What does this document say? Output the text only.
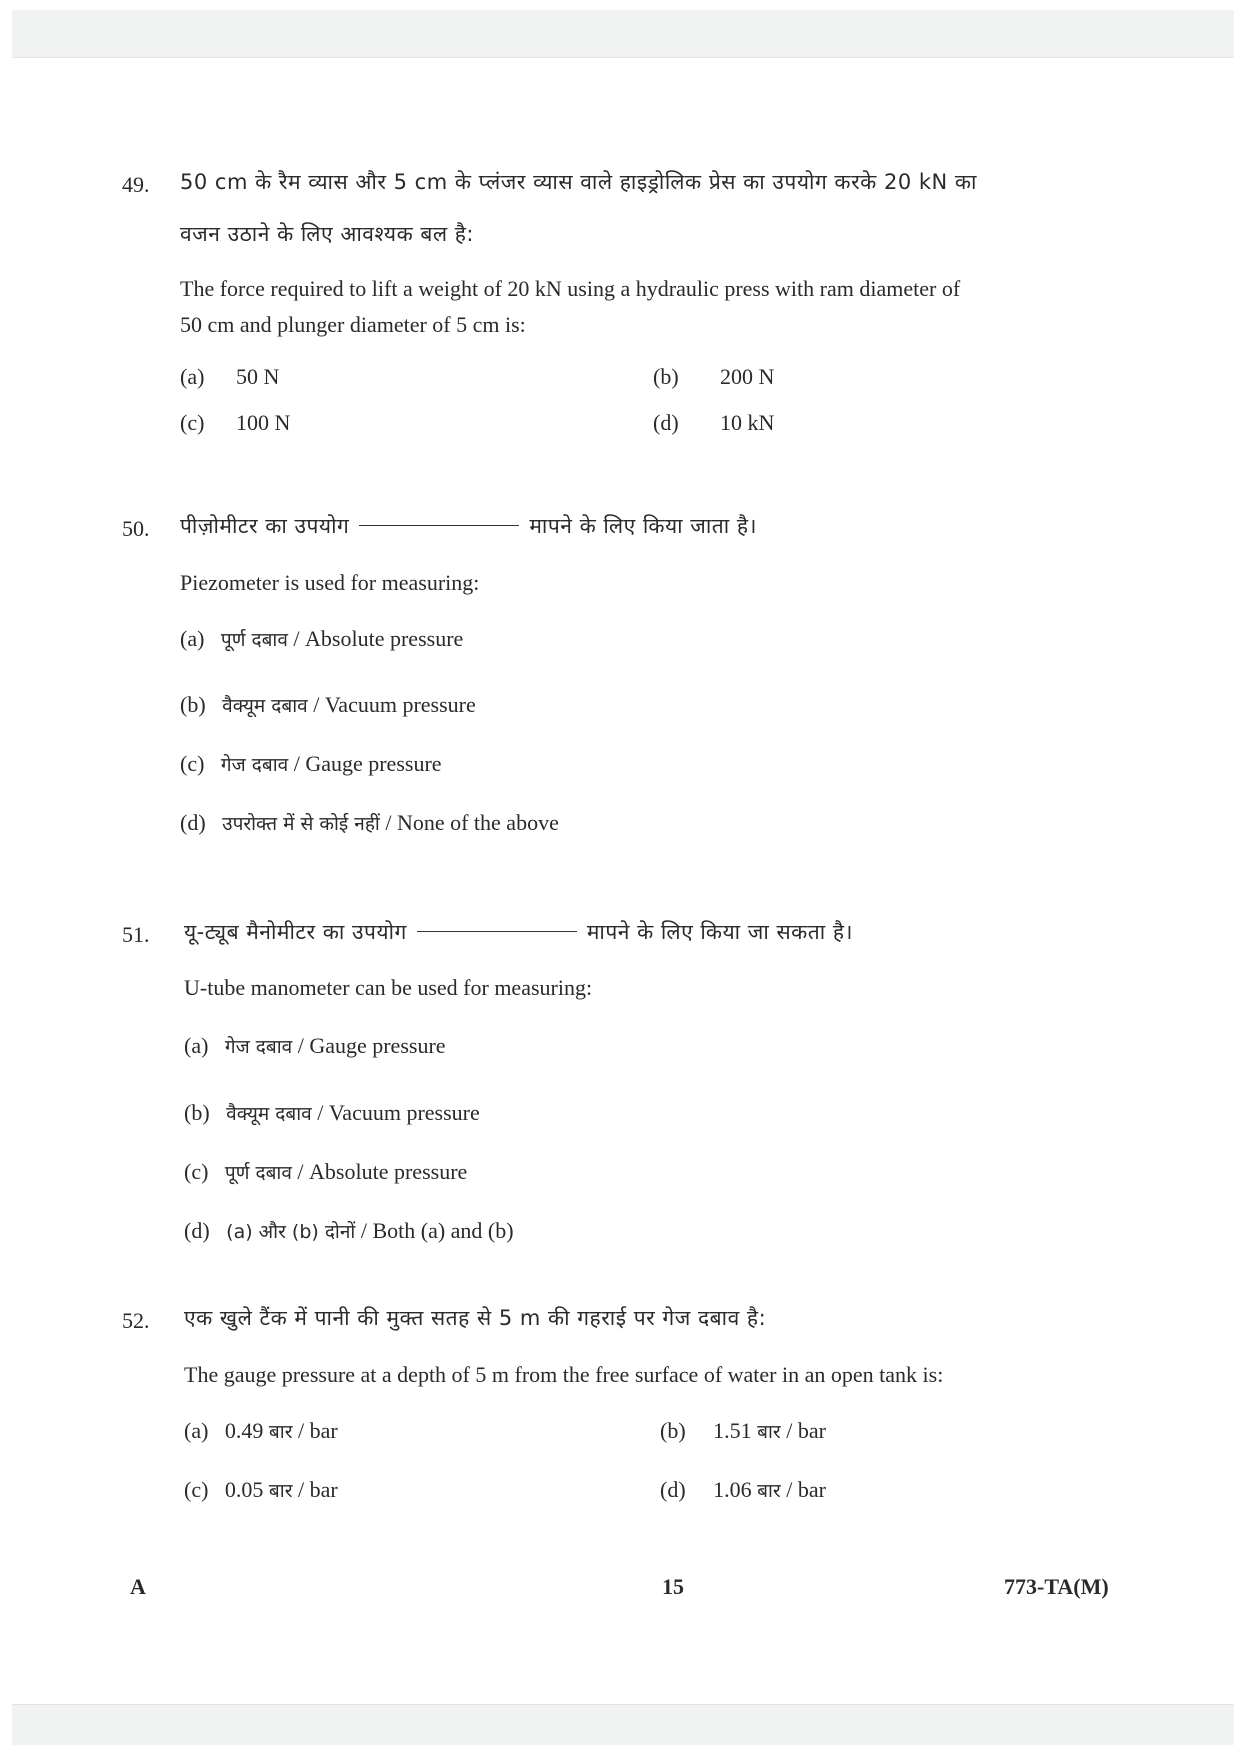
49. 50 cm के रैम व्यास और 5 cm के प्लंजर व्यास वाले हाइड्रोलिक प्रेस का उपयोग करके 20 kN का
वजन उठाने के लिए आवश्यक बल है:
The force required to lift a weight of 20 kN using a hydraulic press with ram diameter of
50 cm and plunger diameter of 5 cm is:
(a) 50 N	(b) 200 N
(c) 100 N	(d) 10 kN
50. पीज़ोमीटर का उपयोग	मापने के लिए किया जाता है।
Piezometer is used for measuring:
(a) पूर्ण दबाव / Absolute pressure
(b) वैक्यूम दबाव / Vacuum pressure
(c) गेज दबाव / Gauge pressure
(d) उपरोक्त में से कोई नहीं / None of the above
51. यू-ट्यूब मैनोमीटर का उपयोग	मापने के लिए किया जा सकता है।
U-tube manometer can be used for measuring:
(a) गेज दबाव / Gauge pressure
(b) वैक्यूम दबाव / Vacuum pressure
(c) पूर्ण दबाव / Absolute pressure
(d) (a) और (b) दोनों / Both (a) and (b)
52. एक खुले टैंक में पानी की मुक्त सतह से 5 m की गहराई पर गेज दबाव है:
The gauge pressure at a depth of 5 m from the free surface of water in an open tank is:
(a) 0.49 बार / bar	(b) 1.51 बार / bar
(c) 0.05 बार / bar	(d) 1.06 बार / bar
A	15	773-TA(M)
